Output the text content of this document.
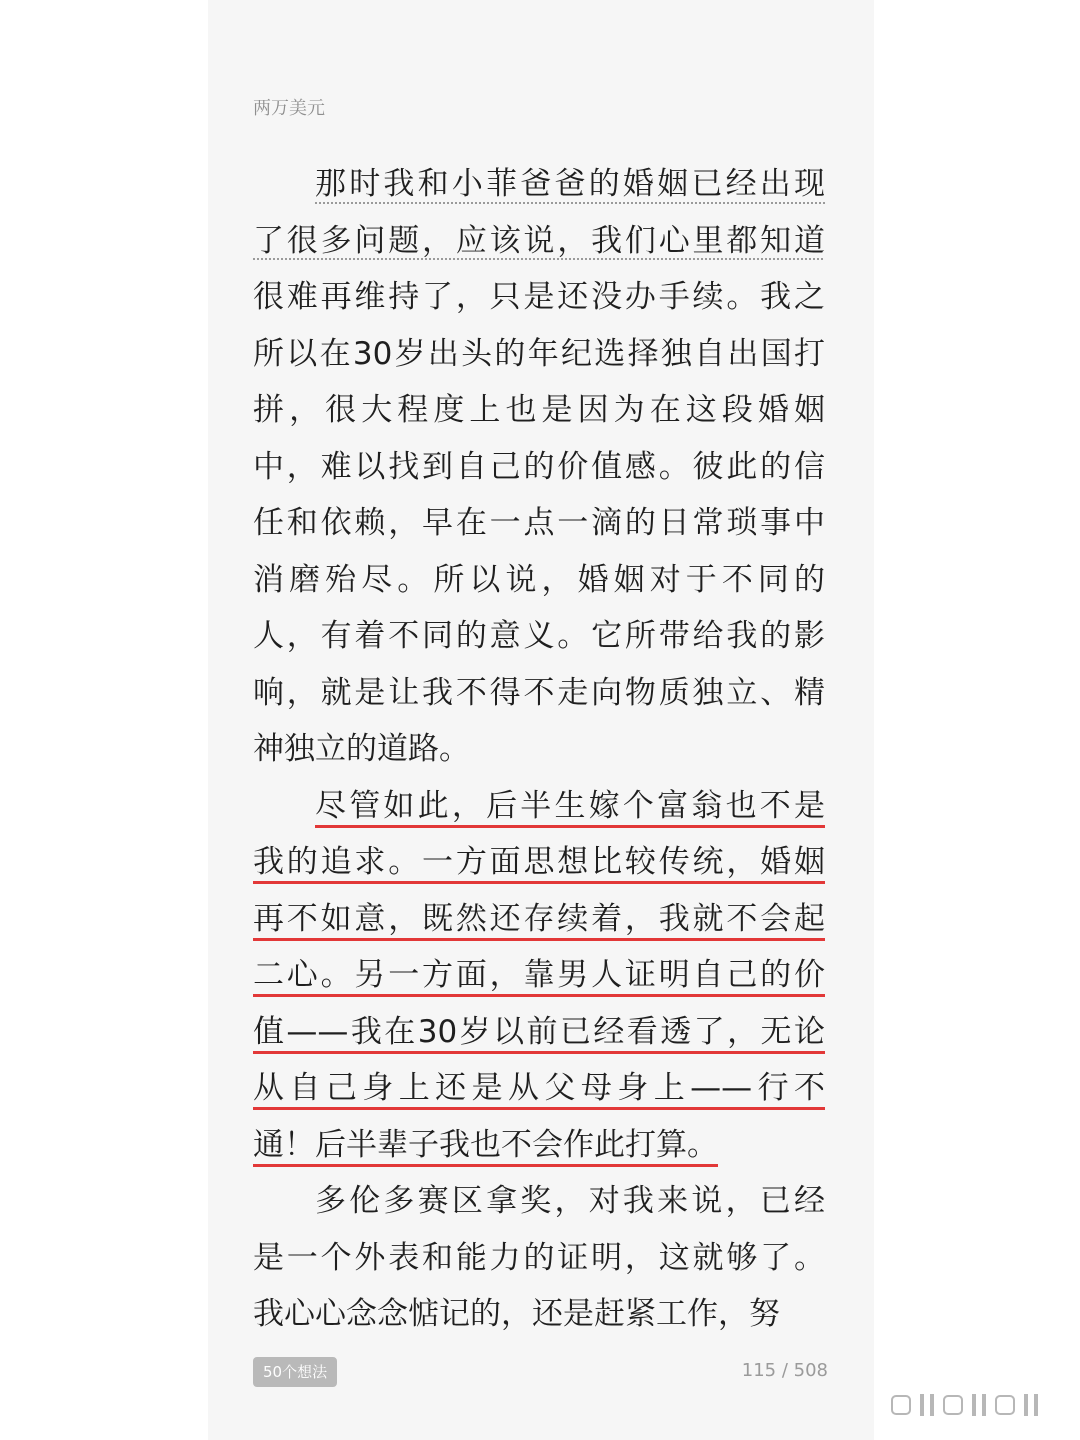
两万美元
那时我和小菲爸爸的婚姻已经出现
了很多问题，应该说，我们心里都知道
很难再维持了，只是还没办手续。我之
所以在30岁出头的年纪选择独自出国打
拼，很大程度上也是因为在这段婚姻
中，难以找到自己的价值感。彼此的信
任和依赖，早在一点一滴的日常琐事中
消磨殆尽。所以说，婚姻对于不同的
人，有着不同的意义。它所带给我的影
响，就是让我不得不走向物质独立、精
神独立的道路。
尽管如此，后半生嫁个富翁也不是
我的追求。一方面思想比较传统，婚姻
再不如意，既然还存续着，我就不会起
二心。另一方面，靠男人证明自己的价
值——我在30岁以前已经看透了，无论
从自己身上还是从父母身上——行不
通！后半辈子我也不会作此打算。
多伦多赛区拿奖，对我来说，已经
是一个外表和能力的证明，这就够了。
我心心念念惦记的，还是赶紧工作，努
50个想法	115 / 508
